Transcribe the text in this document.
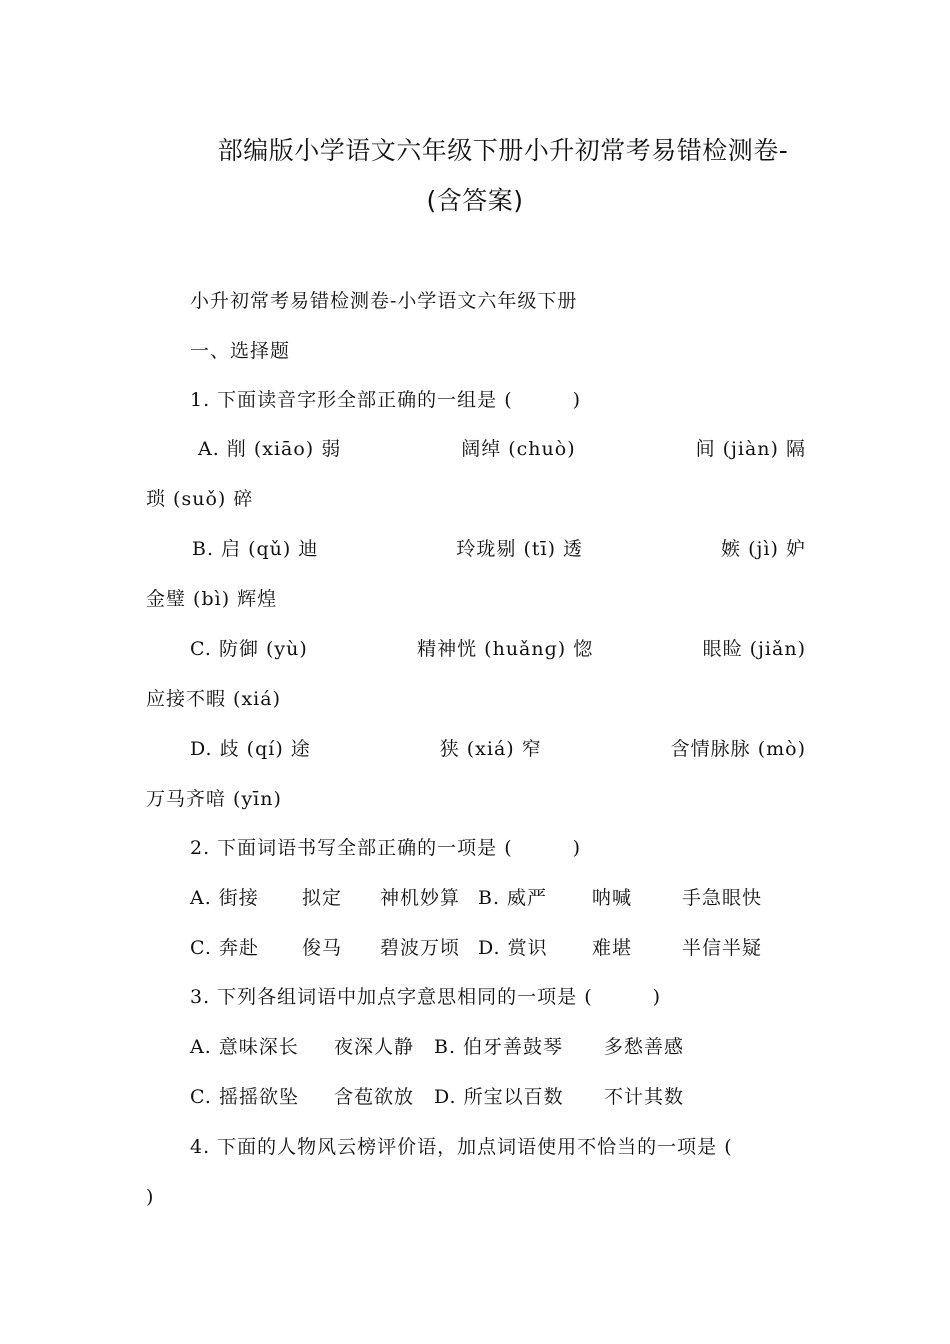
部编版小学语文六年级下册小升初常考易错检测卷-
(含答案)
小升初常考易错检测卷-小学语文六年级下册
一、选择题
1. 下面读音字形全部正确的一组是 (　　　)
A. 削 (xiāo) 弱	阔绰 (chuò)	间 (jiàn) 隔
琐 (suǒ) 碎
B. 启 (qǔ) 迪	玲珑剔 (tī) 透	嫉 (jì) 妒
金璧 (bì) 辉煌
C. 防御 (yù)	精神恍 (huǎnɡ) 惚	眼睑 (jiǎn)
应接不暇 (xiá)
D. 歧 (qí) 途	狭 (xiá) 窄	含情脉脉 (mò)
万马齐喑 (yīn)
2. 下面词语书写全部正确的一项是 (　　　)
A. 街接 拟定 神机妙算 B. 威严 呐喊	手急眼快
C. 奔赴 俊马 碧波万顷 D. 赏识 难堪	半信半疑
3. 下列各组词语中加点字意思相同的一项是 (　　　)
A. 意味深长 夜深人静 B. 伯牙善鼓琴 多愁善感
C. 摇摇欲坠 含苞欲放 D. 所宝以百数 不计其数
4. 下面的人物风云榜评价语，加点词语使用不恰当的一项是 (
)
